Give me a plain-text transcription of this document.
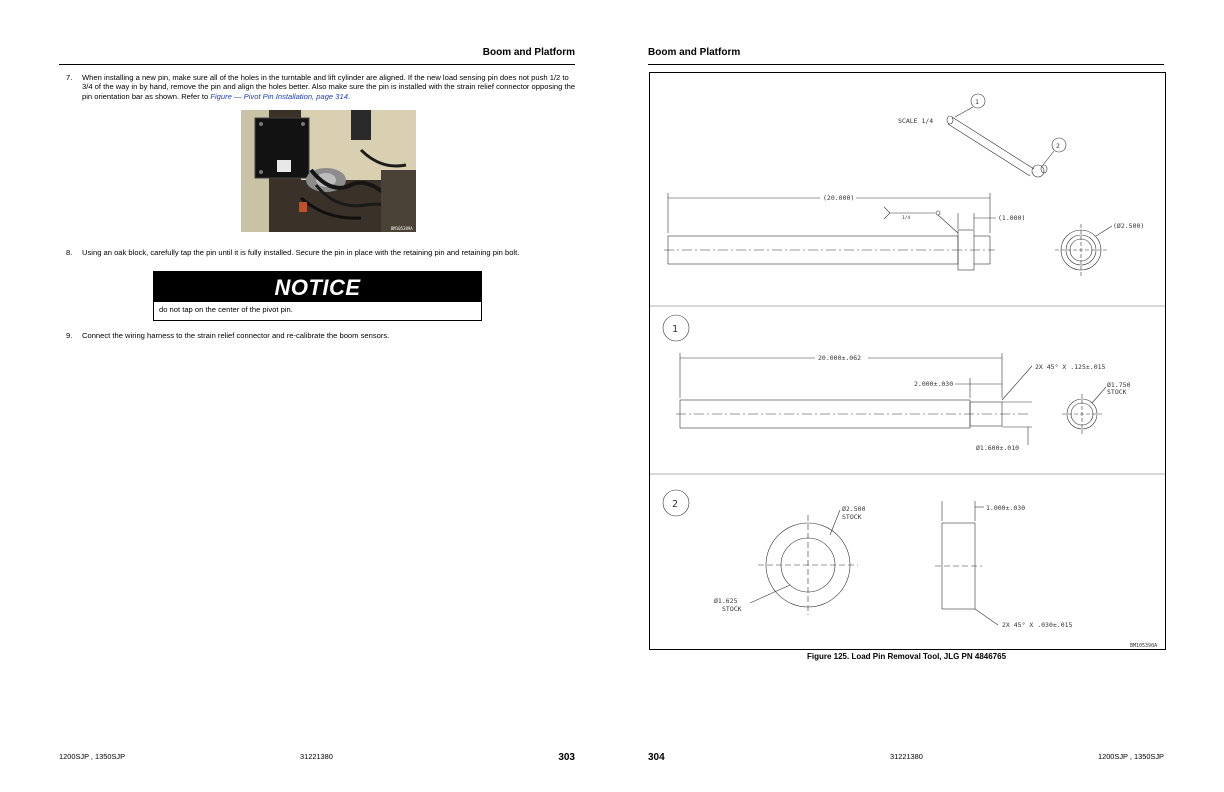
Boom and Platform
7. When installing a new pin, make sure all of the holes in the turntable and lift cylinder are aligned. If the new load sensing pin does not push 1/2 to 3/4 of the way in by hand, remove the pin and align the holes better. Also make sure the pin is installed with the strain relief connector opposing the pin orientation bar as shown. Refer to Figure — Pivot Pin Installation, page 314.
BM105389A
8. Using an oak block, carefully tap the pin until it is fully installed. Secure the pin in place with the retaining pin and retaining pin bolt.
NOTICE
do not tap on the center of the pivot pin.
9. Connect the wiring harness to the strain relief connector and re-calibrate the boom sensors.
1200SJP , 1350SJP	31221380	303
Boom and Platform
SCALE 1/4
1
2
(20.000)
(1.000)
1/4
(Ø2.500)
1
20.000±.062
2.000±.030
2X 45° X .125±.015
Ø1.600±.010
Ø1.750
STOCK
2	Ø2.500
STOCK
Ø1.625
STOCK
1.000±.030
2X 45° X .030±.015
BM105390A
Figure 125. Load Pin Removal Tool, JLG PN 4846765
304	31221380	1200SJP , 1350SJP
